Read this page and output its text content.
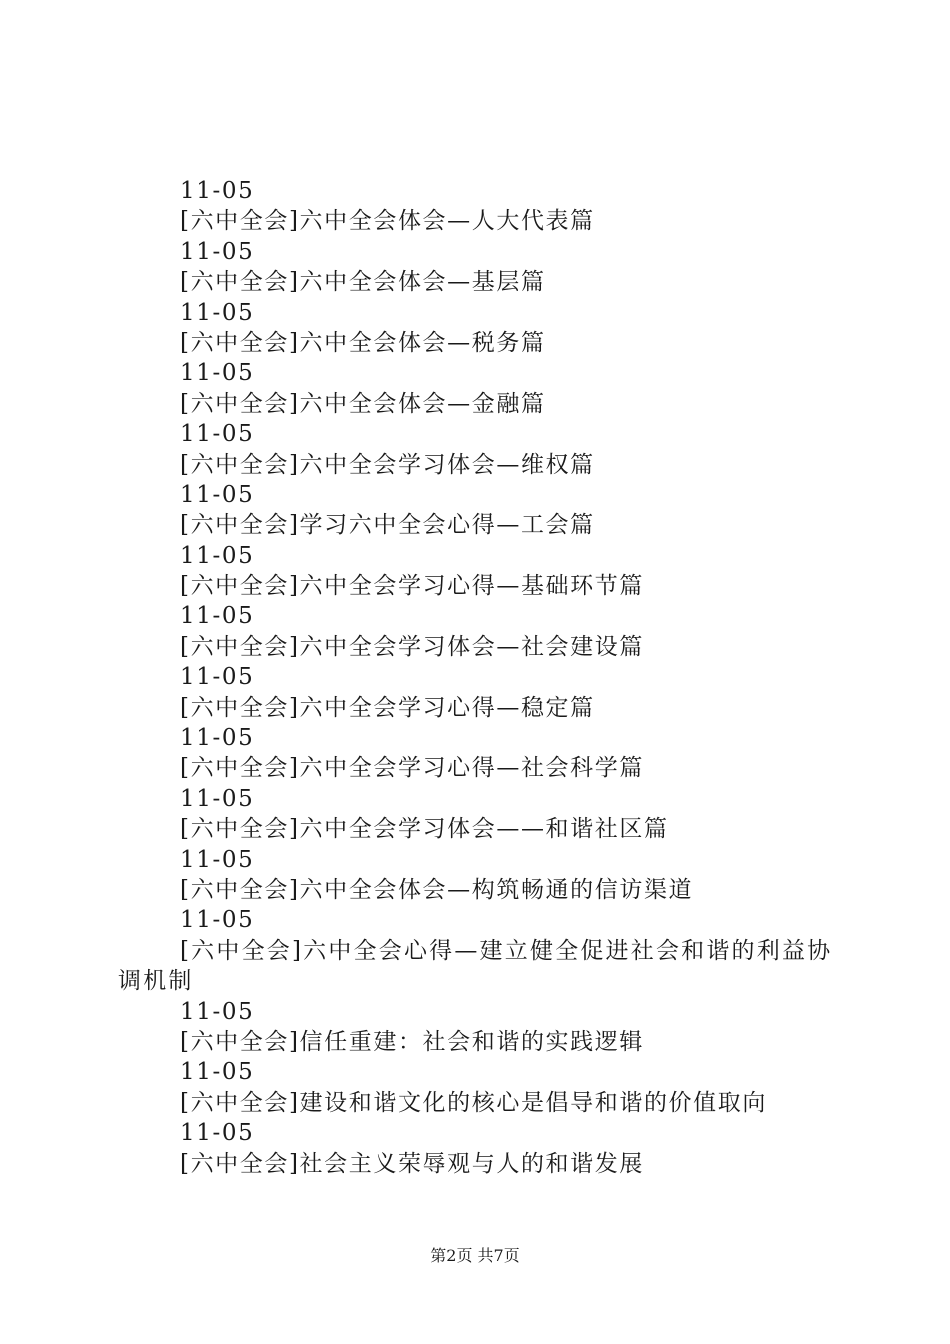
11-05
[六中全会]六中全会体会—人大代表篇
11-05
[六中全会]六中全会体会—基层篇
11-05
[六中全会]六中全会体会—税务篇
11-05
[六中全会]六中全会体会—金融篇
11-05
[六中全会]六中全会学习体会—维权篇
11-05
[六中全会]学习六中全会心得—工会篇
11-05
[六中全会]六中全会学习心得—基础环节篇
11-05
[六中全会]六中全会学习体会—社会建设篇
11-05
[六中全会]六中全会学习心得—稳定篇
11-05
[六中全会]六中全会学习心得—社会科学篇
11-05
[六中全会]六中全会学习体会——和谐社区篇
11-05
[六中全会]六中全会体会—构筑畅通的信访渠道
11-05
[六中全会]六中全会心得—建立健全促进社会和谐的利益协调机制
11-05
[六中全会]信任重建：社会和谐的实践逻辑
11-05
[六中全会]建设和谐文化的核心是倡导和谐的价值取向
11-05
[六中全会]社会主义荣辱观与人的和谐发展
第2页 共7页
